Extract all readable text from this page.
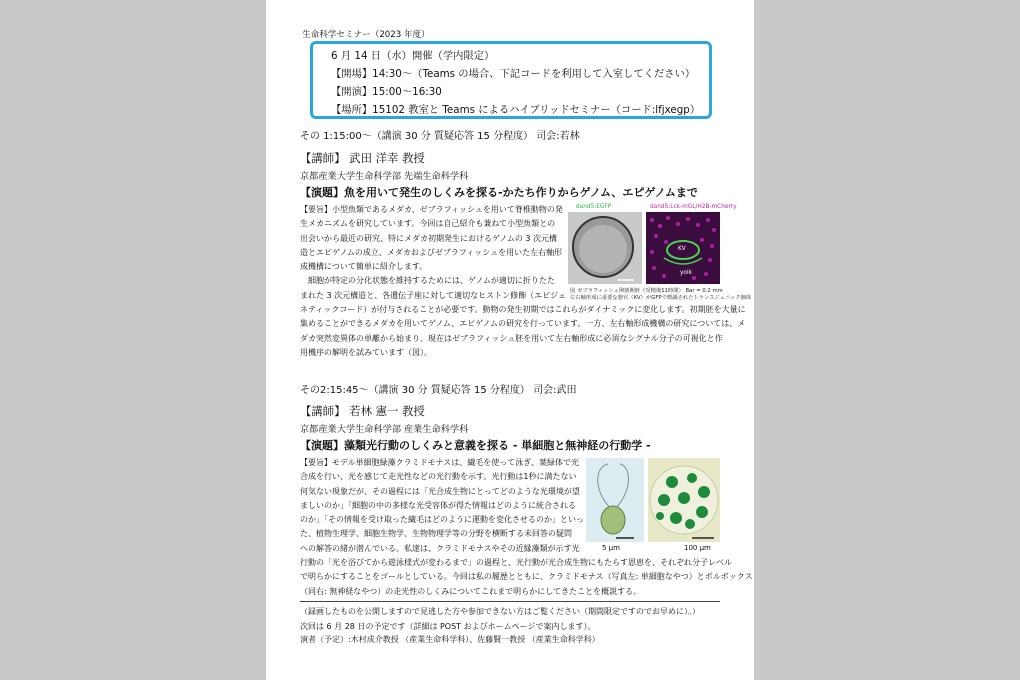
生命科学セミナー（2023 年度）
6 月 14 日（水）開催（学内限定）
【開場】14:30～（Teams の場合、下記コードを利用して入室してください）
【開演】15:00～16:30
【場所】15102 教室と Teams によるハイブリッドセミナー（コード:lfjxegp）
その 1:15:00～（講演 30 分 質疑応答 15 分程度） 司会:若林
【講師】 武田 洋幸 教授
京都産業大学生命科学部 先端生命科学科
【演題】魚を用いて発生のしくみを探る-かたち作りからゲノム、エピゲノムまで
【要旨】小型魚類であるメダカ、ゼブラフィッシュを用いて脊椎動物の発
生メカニズムを研究しています。今回は自己紹介も兼ねて小型魚類との
出会いから最近の研究、特にメダカ初期発生におけるゲノムの 3 次元構
造とエピゲノムの成立、メダカおよびゼブラフィッシュを用いた左右軸形
成機構について簡単に紹介します。
　細胞が特定の分化状態を維持するためには、ゲノムが適切に折りたた
まれた 3 次元構造と、各遺伝子座に対して適切なヒストン修飾（エピジェ
ネティックコード）が付与されることが必要です。動物の発生初期ではこれらがダイナミックに変化します。初期胚を大量に
集めることができるメダカを用いてゲノム、エピゲノムの研究を行っています。一方、左右軸形成機構の研究については、メ
ダカ突然変異体の単離から始まり、現在はゼブラフィッシュ胚を用いて左右軸形成に必須なシグナル分子の可視化と作
用機序の解明を試みています（図）。
dand5:EGFP	dand5:Lck-mGL/H2B-mCherry
KV
yolk
図 ゼブラフィッシュ卵割期胚（受精後11時間） Bar = 0.2 mm
左右軸形成に重要な器官（KV）がGFPで標識されたトランスジェニック個体
その2:15:45～（講演 30 分 質疑応答 15 分程度） 司会:武田
【講師】 若林 憲一 教授
京都産業大学生命科学部 産業生命科学科
【演題】藻類光行動のしくみと意義を探る - 単細胞と無神経の行動学 -
【要旨】モデル単細胞緑藻クラミドモナスは、繊毛を使って泳ぎ、葉緑体で光
合成を行い、光を感じて走光性などの光行動を示す。光行動は1秒に満たない
何気ない現象だが、その過程には「光合成生物にとってどのような光環境が望
ましいのか」「細胞の中の多様な光受容体が得た情報はどのように統合される
のか」「その情報を受け取った繊毛はどのように運動を変化させるのか」といっ
た、植物生理学、細胞生物学、生物物理学等の分野を横断する未回答の疑問
への解答の緒が潜んでいる。私達は、クラミドモナスやその近縁藻類が示す光
行動の「光を浴びてから遊泳様式が変わるまで」の過程と、光行動が光合成生物にもたらす恩恵を、それぞれ分子レベル
で明らかにすることをゴールとしている。今回は私の履歴とともに、クラミドモナス（写真左: 単細胞なやつ）とボルボックス
（同右: 無神経なやつ）の走光性のしくみについてこれまで明らかにしてきたことを概説する。
5 μm	100 μm
（録画したものを公開しますので見逃した方や参加できない方はご覧ください（期間限定ですのでお早めに）。）
次回は 6 月 28 日の予定です（詳細は POST およびホームページで案内します）。
演者（予定）:木村成介教授 （産業生命科学科）、佐藤賢一教授 （産業生命科学科）
